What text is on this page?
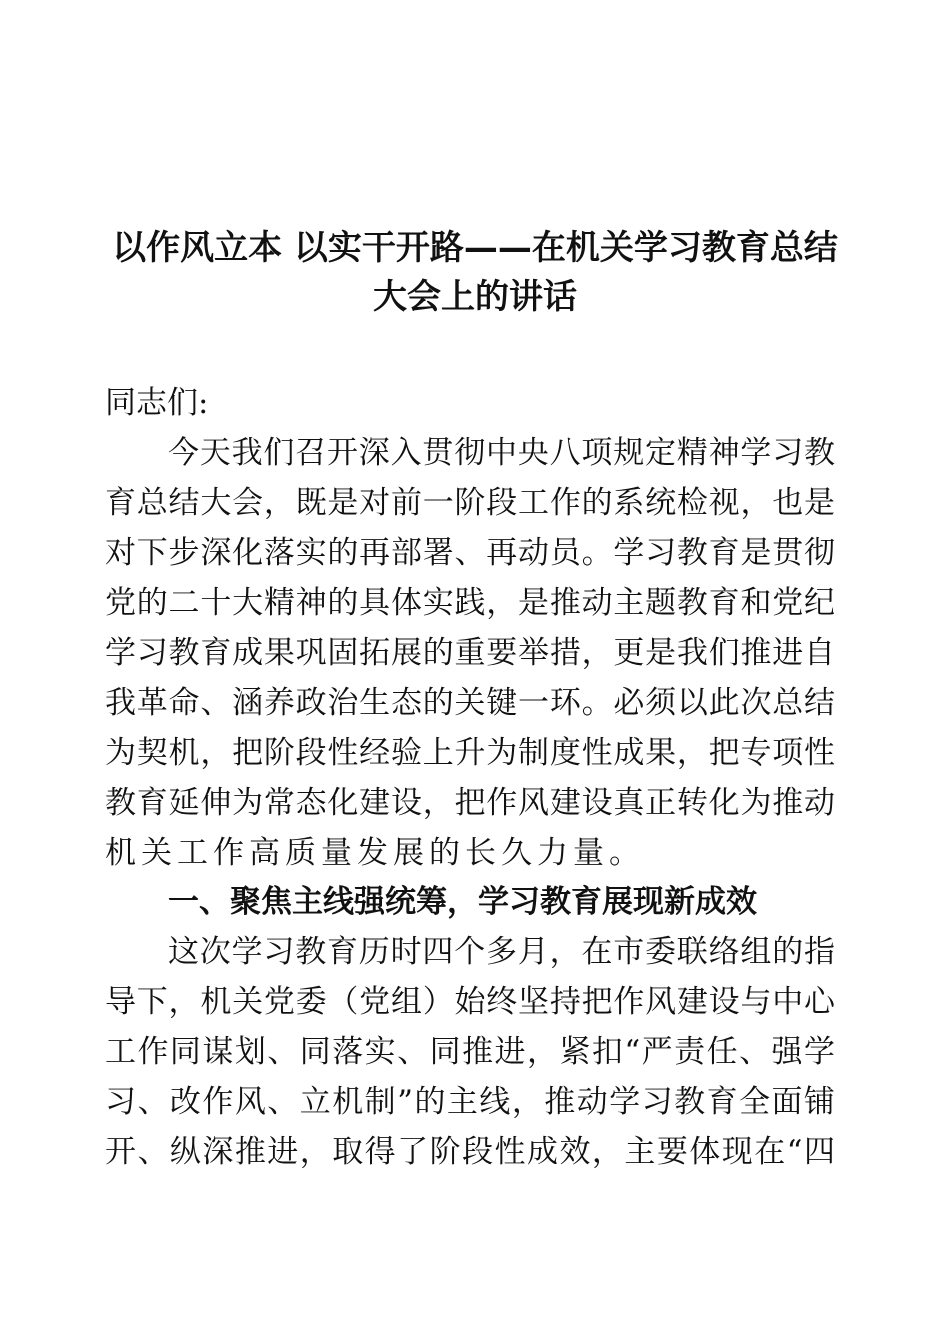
以作风立本 以实干开路——在机关学习教育总结
大会上的讲话
同志们:
今天我们召开深入贯彻中央八项规定精神学习教
育总结大会，既是对前一阶段工作的系统检视，也是
对下步深化落实的再部署、再动员。学习教育是贯彻
党的二十大精神的具体实践，是推动主题教育和党纪
学习教育成果巩固拓展的重要举措，更是我们推进自
我革命、涵养政治生态的关键一环。必须以此次总结
为契机，把阶段性经验上升为制度性成果，把专项性
教育延伸为常态化建设，把作风建设真正转化为推动
机关工作高质量发展的长久力量。
一、聚焦主线强统筹，学习教育展现新成效
这次学习教育历时四个多月，在市委联络组的指
导下，机关党委（党组）始终坚持把作风建设与中心
工作同谋划、同落实、同推进，紧扣“严责任、强学
习、改作风、立机制”的主线，推动学习教育全面铺
开、纵深推进，取得了阶段性成效，主要体现在“四
